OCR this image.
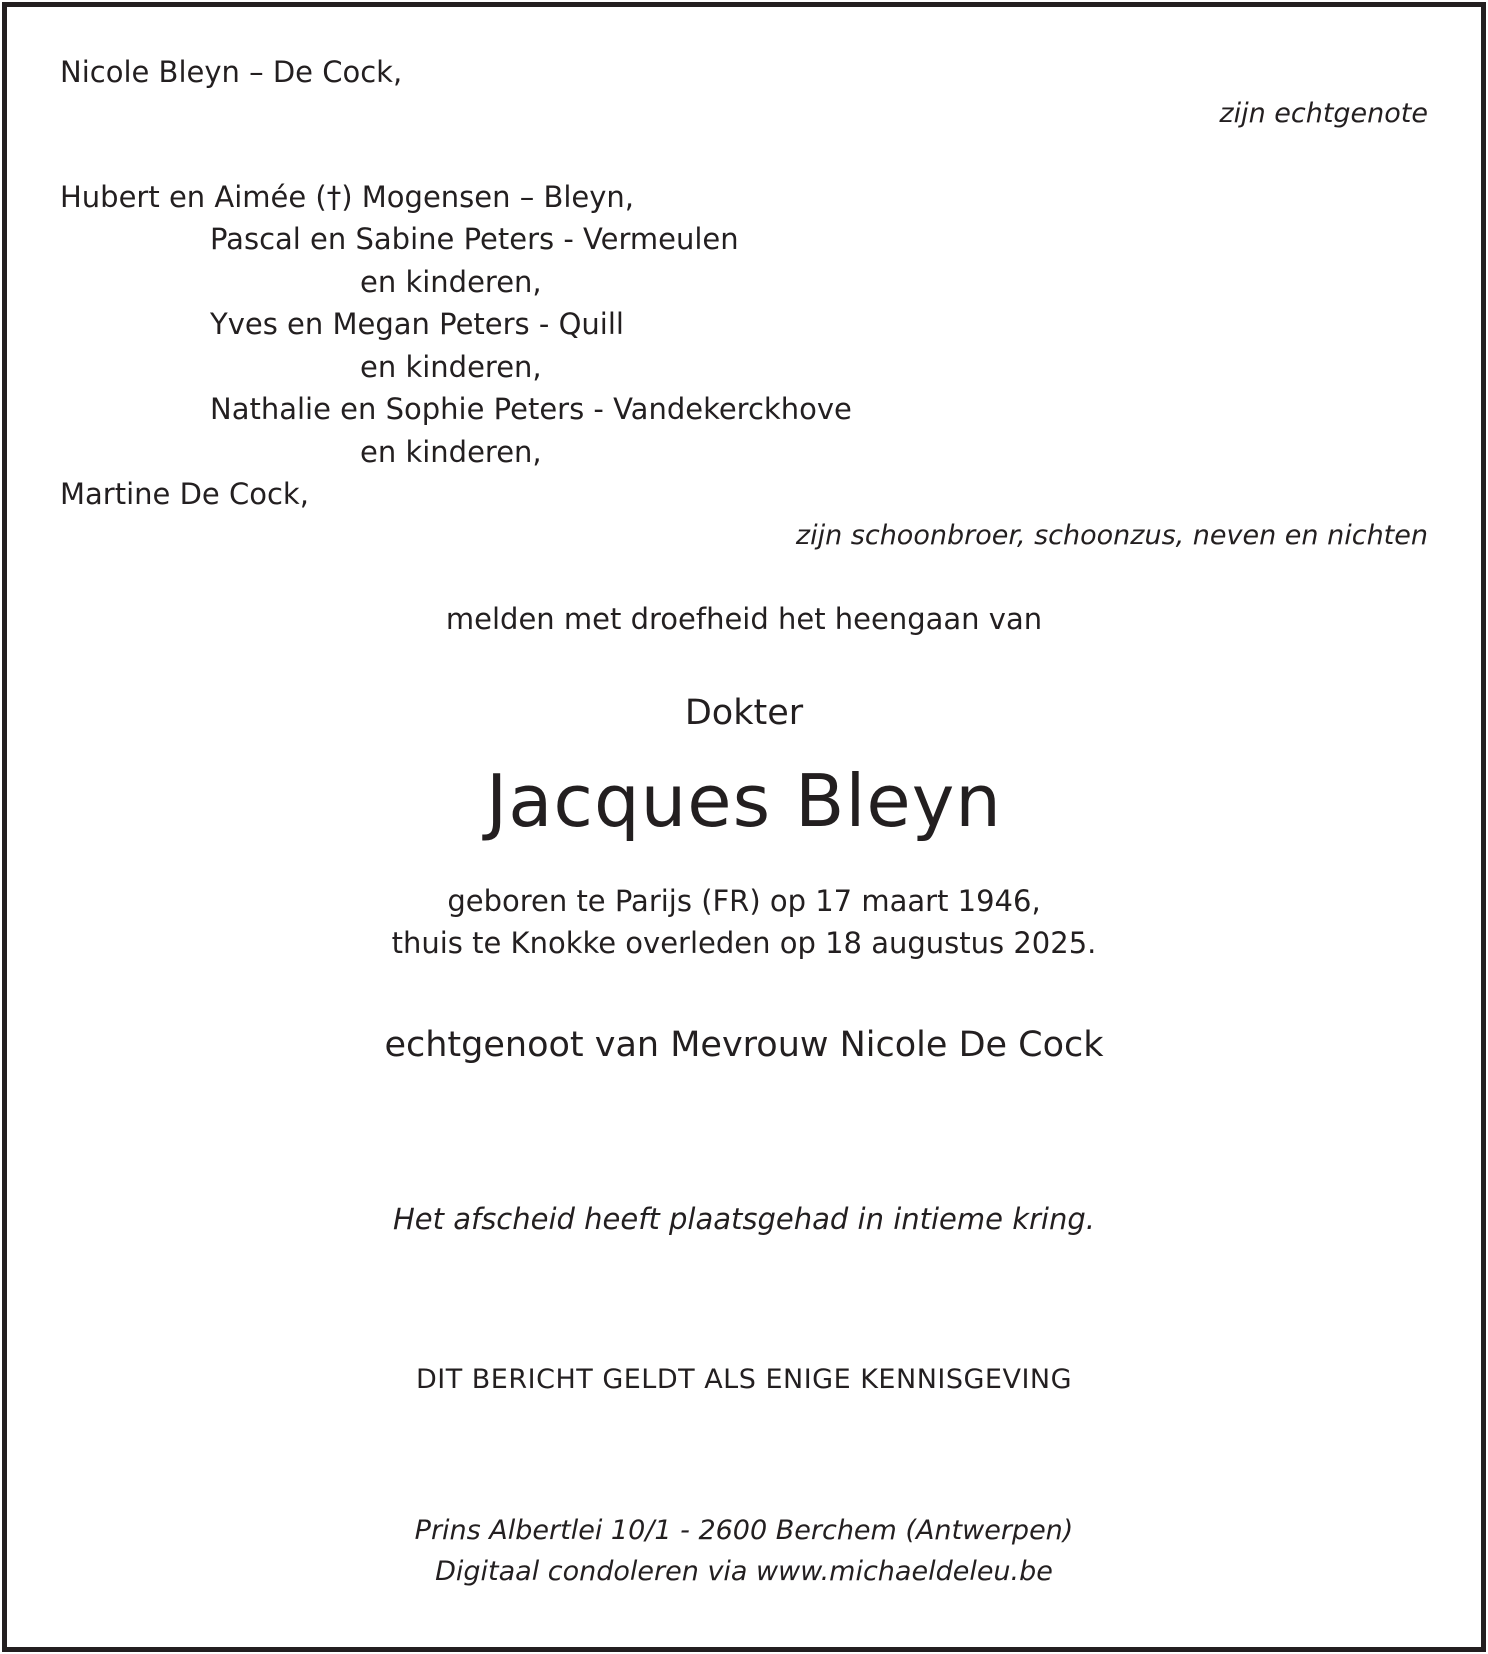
Nicole Bleyn – De Cock,
zijn echtgenote
Hubert en Aimée (†) Mogensen – Bleyn,
Pascal en Sabine Peters - Vermeulen
en kinderen,
Yves en Megan Peters - Quill
en kinderen,
Nathalie en Sophie Peters - Vandekerckhove
en kinderen,
Martine De Cock,
zijn schoonbroer, schoonzus, neven en nichten
melden met droefheid het heengaan van
Dokter
Jacques Bleyn
geboren te Parijs (FR) op 17 maart 1946,
thuis te Knokke overleden op 18 augustus 2025.
echtgenoot van Mevrouw Nicole De Cock
Het afscheid heeft plaatsgehad in intieme kring.
DIT BERICHT GELDT ALS ENIGE KENNISGEVING
Prins Albertlei 10/1 - 2600 Berchem (Antwerpen)
Digitaal condoleren via www.michaeldeleu.be
